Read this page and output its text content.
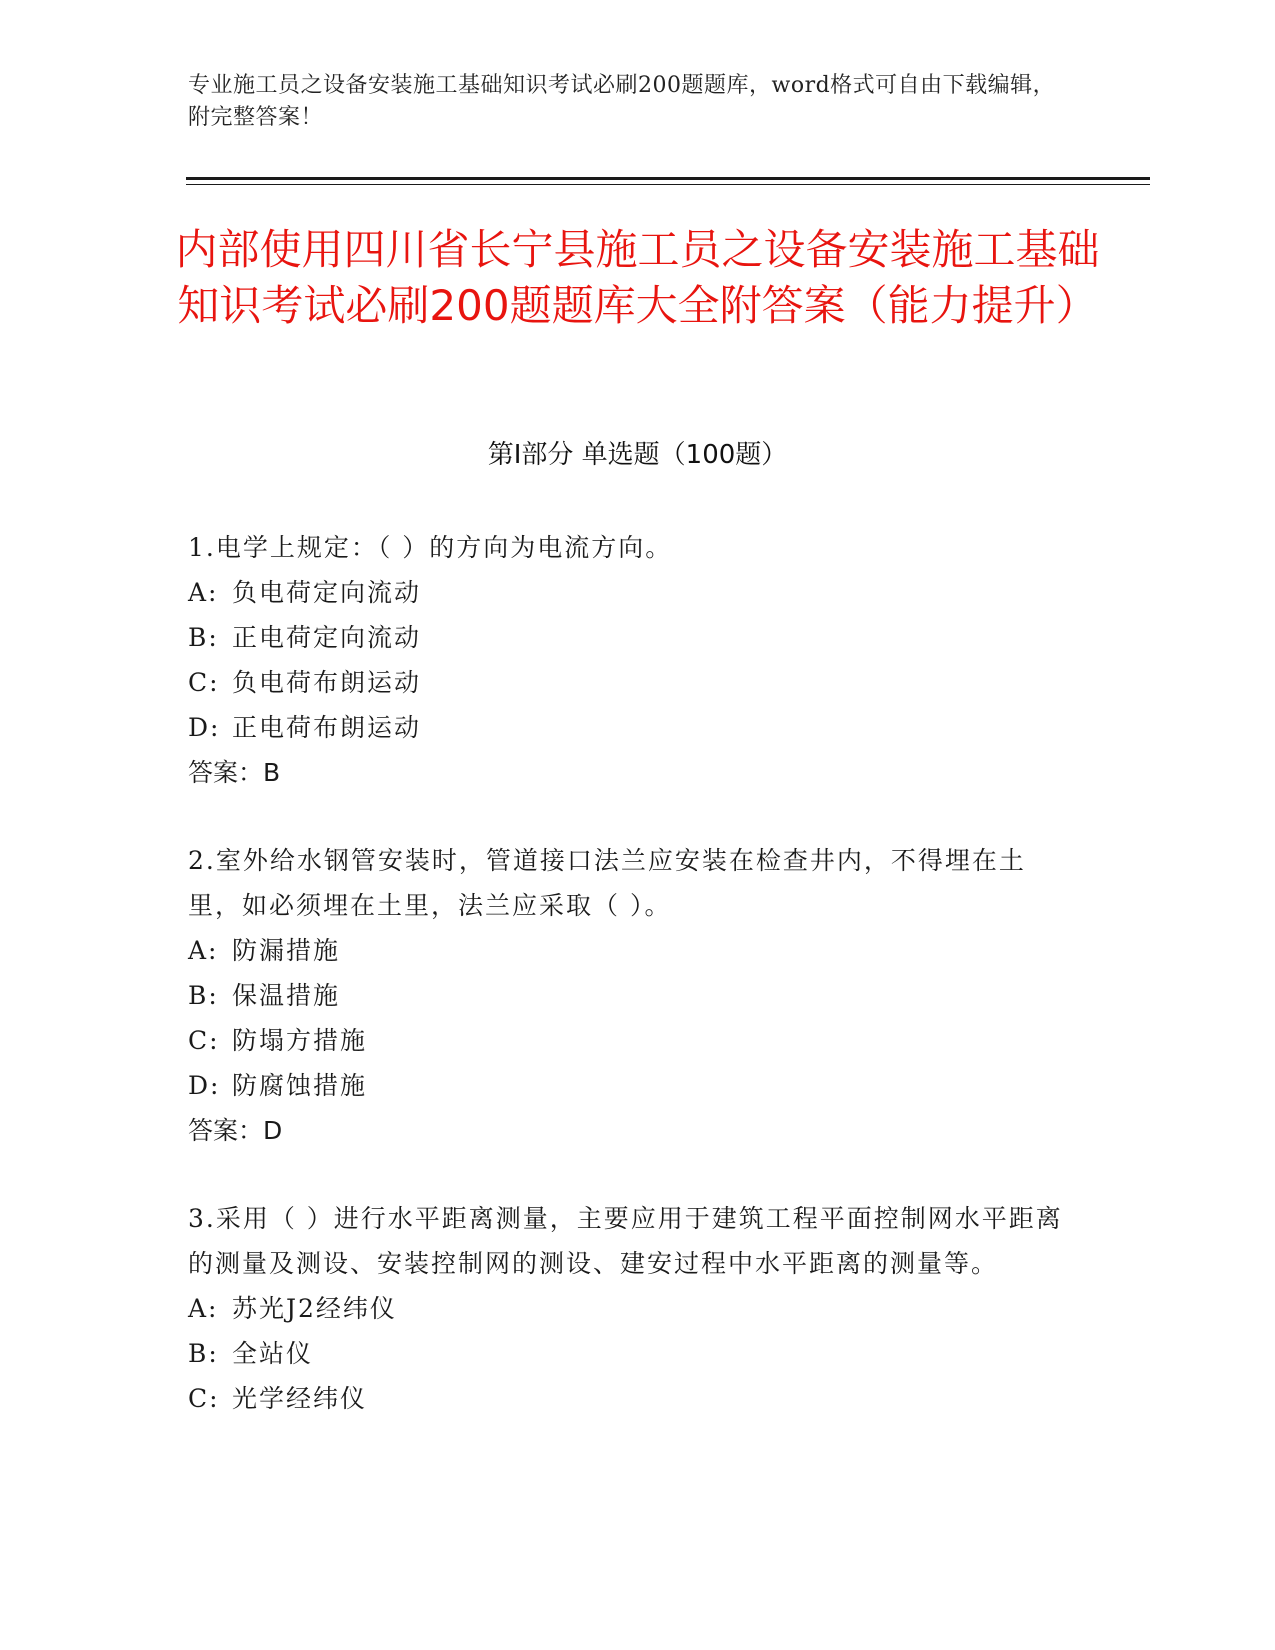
专业施工员之设备安装施工基础知识考试必刷200题题库，word格式可自由下载编辑，附完整答案！
内部使用四川省长宁县施工员之设备安装施工基础知识考试必刷200题题库大全附答案（能力提升）
第Ⅰ部分 单选题（100题）

1.电学上规定：（ ）的方向为电流方向。

A: 负电荷定向流动

B: 正电荷定向流动

C: 负电荷布朗运动

D: 正电荷布朗运动

答案：B

2.室外给水钢管安装时，管道接口法兰应安装在检查井内，不得埋在土里，如必须埋在土里，法兰应采取（ ）。

A: 防漏措施

B: 保温措施

C: 防塌方措施

D: 防腐蚀措施

答案：D

3.采用（ ）进行水平距离测量，主要应用于建筑工程平面控制网水平距离的测量及测设、安装控制网的测设、建安过程中水平距离的测量等。

A: 苏光J2经纬仪

B: 全站仪

C: 光学经纬仪
